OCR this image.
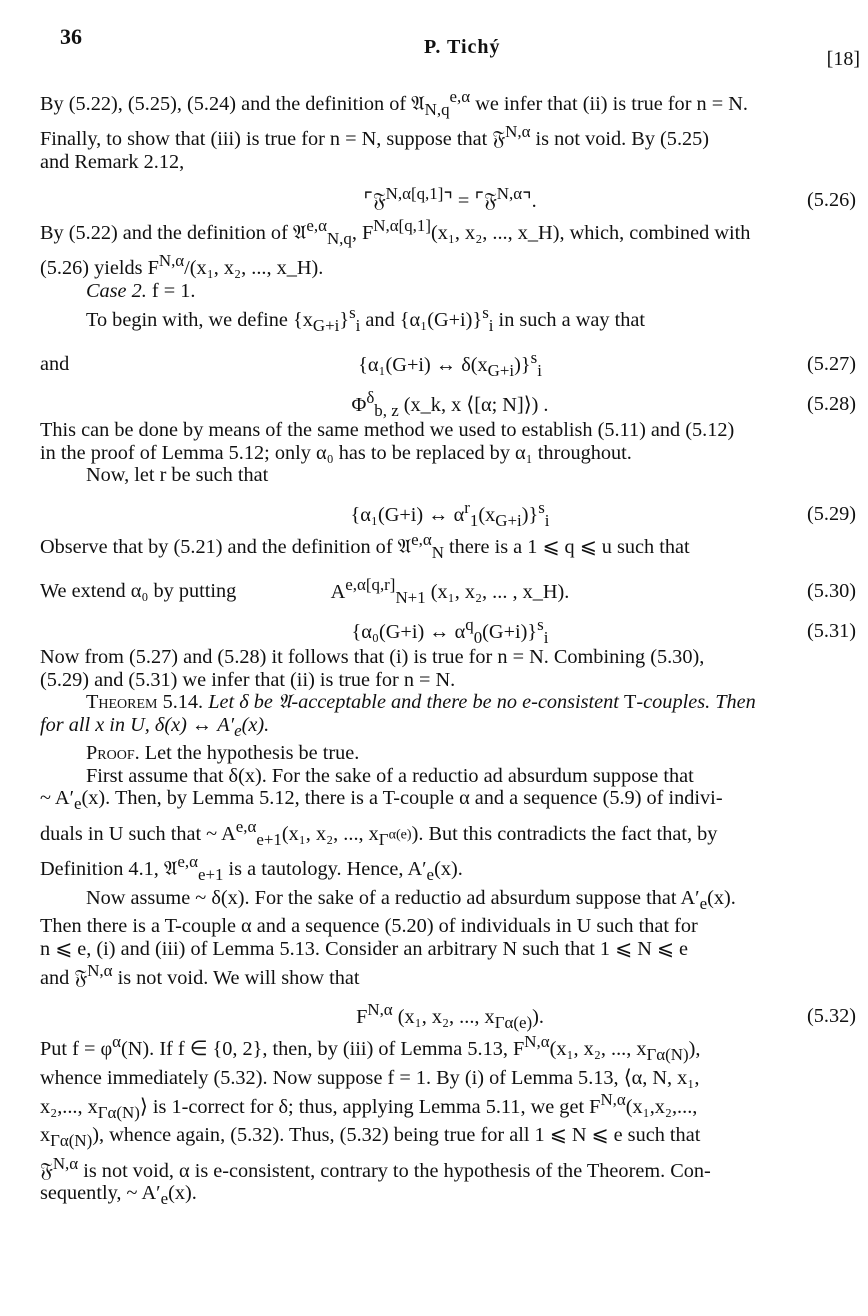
36	P. Tichý
[18]

By (5.22), (5.25), (5.24) and the definition of 𝔄$_{N,q}^{e,\alpha}$ we infer that (ii) is true for n = N.

Finally, to show that (iii) is true for n = N, suppose that 𝔉$^{N,\alpha}$ is not void. By (5.25)

and Remark 2.12,

⌜𝔉$^{N,\alpha[q,1]}$⌝ = ⌜𝔉$^{N,\alpha}$⌝.	(5.26)

By (5.22) and the definition of 𝔄$^{e,\alpha}_{N,q}$, $F^{N,\alpha[q,1]}(x_1$, x₂, ..., x_H), which, combined with

(5.26) yields $F^{N,\alpha}/(x_1$, x₂, ..., x_H).

Case 2. f = 1.

To begin with, we define $\{x_{G+i}\}^s_i$ and $\{\alpha_1(G+i)\}^s_i$ in such a way that

and	{α₁(G+i) ↔ $\delta(x_{G+i})\}^s_i$	(5.27)
$\Phi^\delta_{b, z}$ (x_k, x ⟨[α; N]⟩) .	(5.28)

This can be done by means of the same method we used to establish (5.11) and (5.12)

in the proof of Lemma 5.12; only α₀ has to be replaced by α₁ throughout.

Now, let r be such that

{α₁(G+i) ↔ $\alpha^r_1(x_{G+i})\}^s_i$	(5.29)

Observe that by (5.21) and the definition of 𝔄$^{e,\alpha}_N$ there is a 1 ⩽ q ⩽ u such that

We extend α₀ by putting	$A^{e,\alpha[q,r]}_{N+1}$ (x₁, x₂, ... , x_H).	(5.30)
{α₀(G+i) ↔ $\alpha^q_0(G+i)\}^s_i$	(5.31)

Now from (5.27) and (5.28) it follows that (i) is true for n = N. Combining (5.30),

(5.29) and (5.31) we infer that (ii) is true for n = N.

Theorem 5.14. Let δ be 𝔄-acceptable and there be no e-consistent T-couples. Then

for all x in U, δ(x) ↔ $A'_e(x)$.

Proof. Let the hypothesis be true.

First assume that δ(x). For the sake of a reductio ad absurdum suppose that

~ $A'_e(x)$. Then, by Lemma 5.12, there is a T-couple α and a sequence (5.9) of indivi-

duals in U such that ~ $A^{e,\alpha}_{e+1}(x_1$, x₂, ..., $x_{\Gamma^{\alpha(e)}}$). But this contradicts the fact that, by

Definition 4.1, 𝔄$^{e,\alpha}_{e+1}$ is a tautology. Hence, $A'_e(x)$.

Now assume ~ δ(x). For the sake of a reductio ad absurdum suppose that $A'_e(x)$.

Then there is a T-couple α and a sequence (5.20) of individuals in U such that for

n ⩽ e, (i) and (iii) of Lemma 5.13. Consider an arbitrary N such that 1 ⩽ N ⩽ e

and 𝔉$^{N,\alpha}$ is not void. We will show that

$F^{N,\alpha}$ (x₁, x₂, ..., $x_{\Gamma\alpha(e)}$).	(5.32)

Put $f = \varphi^\alpha(N)$. If f ∈ {0, 2}, then, by (iii) of Lemma 5.13, $F^{N,\alpha}(x_1$, x₂, ..., $x_{\Gamma\alpha(N)}$),

whence immediately (5.32). Now suppose f = 1. By (i) of Lemma 5.13, ⟨α, N, x₁,

x₂,..., $x_{\Gamma\alpha(N)}⟩$ is 1-correct for δ; thus, applying Lemma 5.11, we get $F^{N,\alpha}(x_1,x_2$,...,

$x_{\Gamma\alpha(N)}$), whence again, (5.32). Thus, (5.32) being true for all 1 ⩽ N ⩽ e such that

𝔉$^{N,\alpha}$ is not void, α is e-consistent, contrary to the hypothesis of the Theorem. Con-

sequently, ~ $A'_e(x)$.
